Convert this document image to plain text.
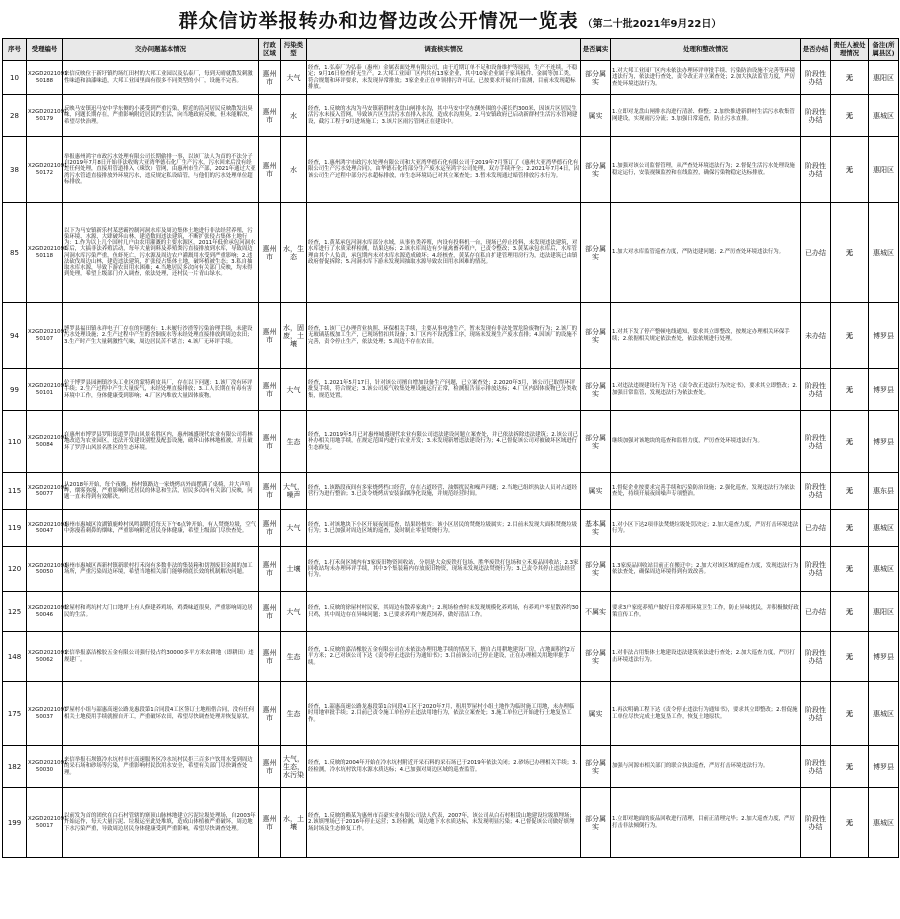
群众信访举报转办和边督边改公开情况一览表 （第二十批2021年9月22日）
序号	受理编号	交办问题基本情况	行政区域	污染类型	调查核实情况	是否属实	处理和整改情况	是否办结	责任人被处理情况	备注(所属县区)

10	X2GD2021091 50188	来信反映位于新圩镇约场红田村的大邦工业园以及弘泰厂，每到天晴就散发刺激性味道和油漆味道，大邦工业园里面有很多不同类型的小厂，设施不完善。	惠州市	大气	经查，1.弘泰厂为弘泰（惠州）金属表面处理有限公司，由于近期订单不足和设备维护等原因，生产不连续，不稳定；9月16日检查时无生产。2.大邦工业园厂区内共有13家企业，其中10家企业属于家具板件、金属等加工类，符合规划和环评要求，未发现异常排放；3家企业正在申领排污许可证，已按要求开展自行监测，目前未发现超标排放。	部分属实	1.对大邦工业园厂区内未依法办理环评审批手续、污染防治设施不完善等环境违法行为，依法进行查处，责令改正并立案查处；2.加大执法监管力度，严厉查处环境违法行为。	阶段性办结	无	惠阳区

28	X2GD2021091 50179	反映马安镇迅马安中学东侧的小溪受到严重污染，附近的沿河居民反映散发出臭味，问题长期存在，严重影响附近居民的生活，向当地政府反映，但未能解决，希望尽快治理。	惠州市	水	经查，1.反映的水沟为马安镇新群村龙盘山闸排水沟，其中马安中学东侧外围的小溪长约300米，因该片区居民生活污水未接入管网，导致该片区生活污水直排入水沟，造成水沟黑臭。2.马安镇政府已启动新群村生活污水管网建设，截污工程于9月进场施工；3.该片区雨污管网正在建设中。	属实	1.立即对龙盘山闸排水沟进行清淤、修整；2.加快推进新群村生活污水收集管网建设，实现雨污分流；3.加强日常巡查，防止污水直排。	阶段性办结	无	惠城区

38	X2GD2021091 50172	举报惠州鸿宇市政污水处理有限公司长期偷排一事，以该厂法人为首的不法分子自2019年7月8日开始非法收购大亚湾华德石化厂生产污水，污水回来后没有经过任何处理，直接用管道排入（珠饮）管网，由惠州市生产部，2021年通过大亚湾污水管道直接排放外环境污水，违反规定私设暗管，与他们的污水处理单位超标排放。	惠州市	水	经查，1.惠州鸿宇市政污水处理有限公司和大亚湾华德石化有限公司于2019年7月签订了《惠州大亚湾华德石化有限公司生产污水处理合同》，由华德石化将部分生产废水运至鸿宇公司处理，双方手续齐全；2.2021年7月4日，因该公司生产过程中部分污水超标排放，市生态环境局已对其立案查处；3.暂未发现通过暗管排放污水行为。	部分属实	1.加强对该公司监督管理，从严查处环境违法行为；2.督促生活污水处理设施稳定运行，安装视频监控和在线监控，确保污染物稳定达标排放。	阶段性办结	无	惠阳区

85	X2GD2021091 50118	以下为马安镇新乐村某恶霸控制河洞水库及周边集体土地进行非法经营养殖，污染环境、水源，大肆破坏山林，建造数间违法建筑，不断扩张侵占集体土地行为：1.作为以上几个国村几户由农用灌溉的主要水源区，2011年低价承包河洞水库后，大搞非法养殖活动，每年大量饲料及养殖粪污直接排放到水库，导致周边河洞水库污染严重，鱼虾死亡，污水源及周边农户灌溉用水受到严重影响；2.违法砍伐周边山林，建造违法建筑，扩张侵占集体土地，破坏植被生态；3.私自抽取水库水源，导致下游农田用水困难；4.当地居民多次向有关部门反映，均未得到处理，希望上级部门介入调查，依法处理，还村民一片青山绿水。	惠州市	水，生态	经查，1.黄某承包河洞水库部分水域，从事鱼类养殖，内设有投料机一台，现场已停止投料，未发现违法建筑，对水库进行了水质采样检测，结果达标；2.该水库周边有少量禽畜养殖户，已责令整改；3.黄某承包水库后，水库管理由其个人负责，承包期内未对水库水源造成破坏；4.经核查，黄某存在私自扩建管理用房行为，违法建筑已由镇政府督促拆除；5.河洞水库下游未发现因抽取水源导致农田用水困难的情况。	部分属实	1.加大对水库监管巡查力度，严防违建问题；2.严厉查处环境违法行为。	已办结	无	惠城区

94	X2GD2021091 50107	博罗县福田镇永祥电子厂存在的问题有：1.未履行沙渣等污染治理手续，未建设污水处理设施；2.生产过程中产生的含铜废水等未经处理直接排放到周边农田；3.生产时产生大量刺激性气味，周边居民苦不堪言；4.该厂无环评手续。	惠州市	水，固废，土壤	经查，1.该厂已办理营业执照、环保相关手续，主要从事电池生产，暂未发现有非法处置危险废物行为；2.该厂的无玻璃基板加工生产，已现场暂扣其设备；3.厂区内不设洗涤工序，现场未发现生产废水直排；4.因该厂的设施不完善，责令停止生产，依法处理；5.周边不存在农田。	部分属实	1.对其下发了停产整顿电线通知，要求其立即整改，按规定办理相关环保手续；2.依据相关规定依法查处，依法依规进行处理。	未办结	无	博罗县

99	X2GD2021091 50101	位于博罗县园洲镇沙头工业区的蒙特莉皮具厂，存在以下问题：1.该厂没有环评手续；2.生产过程中产生大量废气，未经处理直接排放；3.工人长期在有毒有害环境中工作，身体健康受到影响；4.厂区内堆放大量固体废物。	惠州市	大气	经查，1.2021年5月17日，针对该公司擅自增加设备生产问题，已立案查处；2.2020年3月，该公司已取得环评批复手续，符合规定；3.该公司废气收集处理设施运行正常，检测报告显示排放达标；4.厂区内固体废物已分类收集，规范处置。	部分属实	1.对违法违规建设行为下达《责令改正违法行为决定书》，要求其立即整改；2.加强日常监管，发现违法行为依法查处。	阶段性办结	无	博罗县

110	X2GD2021091 50084	在惠州市博罗县罗阳街道罗浮山风景名胜区内，惠州城盛现代农业有限公司将林地改造为农业园区，违法开发建设别墅及配套设施，破坏山体林地植被，并且破坏了罗浮山风景名胜区的生态环境。	惠州市	生态	经查，1.2019年5月已对惠州城盛现代农业有限公司违法建设问题立案查处，并已依法拆除违法建筑；2.该公司已补办相关用地手续，在规定范围内进行农业开发；3.未发现新增违法建设行为；4.已督促该公司对被破坏区域进行生态修复。	部分属实	继续加强对该地块的巡查和监督力度，严厉查处环境违法行为。	阶段性办结	无	博罗县

115	X2GD2021091 50077	从2018年开始，每个夜晚，杨村镇路边一家烧烤店外面摆满了桌椅，并大声喧哗，烟雾弥漫，严重影响附近居民的休息和生活，居民多次向有关部门反映，问题一直未得到有效解决。	惠州市	大气，噪声	经查，1.该路段夜间有多家烧烤档口经营，存在占道经营、油烟扰民和噪声问题；2.当地已组织执法人员对占道经营行为进行整治；3.已责令烧烤店安装油烟净化设施，并规范经营时间。	属实	1.督促企业按要求完善手续和污染防治设施；2.强化巡查，发现违法行为依法查处，持续开展夜间噪声专项整治。	阶段性办结	无	惠东县

119	X2GD2021091 50047	惠州市惠城区汝湖镇鹿岭村凤鸣湖附近每天下午6点钟开始，有人焚烧垃圾，空气中弥漫着刺鼻的烟味，严重影响附近居民身体健康，希望上级部门尽快查处。	惠州市	大气	经查，1.对该地块下小区开展夜间巡查，结果经核实：该小区居民的焚烧垃圾属实；2.目前未发现大面积焚烧垃圾行为；3.已加强对周边区域的巡查，及时制止零星焚烧行为。	基本属实	1.对小区下达2项非法焚烧垃圾处罚决定；2.加大巡查力度，严厉打击环境违法行为。	已办结	无	惠城区

120	X2GD2021091 50050	惠州市惠城区西新村镇新联村打禾岗有多数非法的集装箱和切割废旧金属的加工场所，严重污染周边环境，希望当地相关部门能够彻底长效的机制解决问题。	惠州市	土壤	经查，1.打禾岗区域内有3家废旧物资回收站，分别是大众废铁打包场、胜华废铁打包场和立禾废品回收站；2.3家回收站均未办理环评手续，其中3个集装箱内存放废旧物资，现场未发现违法焚烧行为；3.已责令其停止违法经营行为。	部分属实	1.3家废品回收站目前正在搬迁中；2.加大对该区域的巡查力度，发现违法行为依法查处，确保周边环境得到有效改善。	阶段性办结	无	惠城区

125	X2GD2021091 50046	徐屋村和鸡坑村大门口地坪上有人修建养鸡场，鸡粪味道很臭，严重影响周边居民的生活。	惠州市	大气	经查，1.反映的徐屋村村民家，其周边有散养家禽户；2.现场检查时未发现规模化养鸡场，有养鸡户零星散养约30只鸡，其中周边存在异味问题；3.已要求养鸡户规范饲养，做好清洁工作。	不属实	要求3户家庭养殖户做好日常养殖环境卫生工作，防止异味扰民，并积极做好政策宣传工作。	已办结	无	惠阳区

148	X2GD2021091 50062	来信举报嘉洁橡胶五金有限公司强行侵占约30000多平方米农耕地（即耕田）违规建厂。	惠州市	生态	经查，1.反映的嘉洁橡胶五金有限公司在未依法办理用地手续的情况下，擅自占用耕地建设厂房，占地面积约2万平方米；2.已对该公司下达《责令停止违法行为通知书》；3.目前该公司已停止建设，正在办理相关用地审批手续。	部分属实	1.对非法占用集体土地建设违法建筑依法进行查处；2.加大巡查力度，严厉打击环境违法行为。	阶段性办结	无	博罗县

175	X2GD2021091 50037	罗屋村小组与韶惠高速公路龙惠段第1合同段4工区签订土地租借合同，没有任何相关土地使用手续就擅自开工，严重破坏农田，希望尽快调查处理并恢复原状。	惠州市	生态	经查，1.韶惠高速公路龙惠段第1合同段4工区于2020年7月，租用罗屋村小组土地作为临时施工用地，未办理临时用地审批手续；2.目前已责令施工单位停止违法用地行为，依法立案查处；3.施工单位已开始进行土地复垦工作。	属实	1.再次明确工程下达《责令停止违法行为通知书》，要求其立即整改；2.督促施工单位尽快完成土地复垦工作，恢复土地原状。	阶段性办结	无	惠城区

182	X2GD2021091 50030	来信举报石坝镇冷水坑村丰庄高速服务区冷水坑村民拒三百多户饮用水受到周边的采石场和砂场等污染，严重影响村民饮用水安全，希望有关部门尽快调查处理。	惠州市	大气，生态，水污染	经查，1.反映的2004年开始在冷水坑村附近开采石料的采石场已于2019年依法关闭；2.砂场已办理相关手续；3.经检测，冷水坑村饮用水源水质达标；4.已加强对周边区域的巡查监管。	部分属实	加强与河源市相关部门的联合执法巡查，严厉打击环境违法行为。	阶段性办结	无	博罗县

199	X2GD2021091 50017	以前发为首的团伙在白石村管辖的寨顶山脉林地建立污泥垃圾处理场，自2003年开始运作，每天大量污泥、垃圾运至此处堆填，造成山体植被严重破坏，周边地下水污染严重，导致周边居民身体健康受到严重影响，希望尽快调查处理。	惠州市	水，土壤	经查，1.反映的赖某为惠州市百豪实业有限公司法人代表，2007年，该公司从白石村租赁山地建设垃圾填埋场；2.该填埋场已于2016年停止运营；3.经检测，周边地下水水质达标，未发现明显污染；4.已督促该公司做好填埋场封场及生态修复工作。	部分属实	1.立即对地面的废品回收进行清理，目前正清理完毕；2.加大巡查力度，严厉打击非法倾倒行为。	阶段性办结	无	惠城区
